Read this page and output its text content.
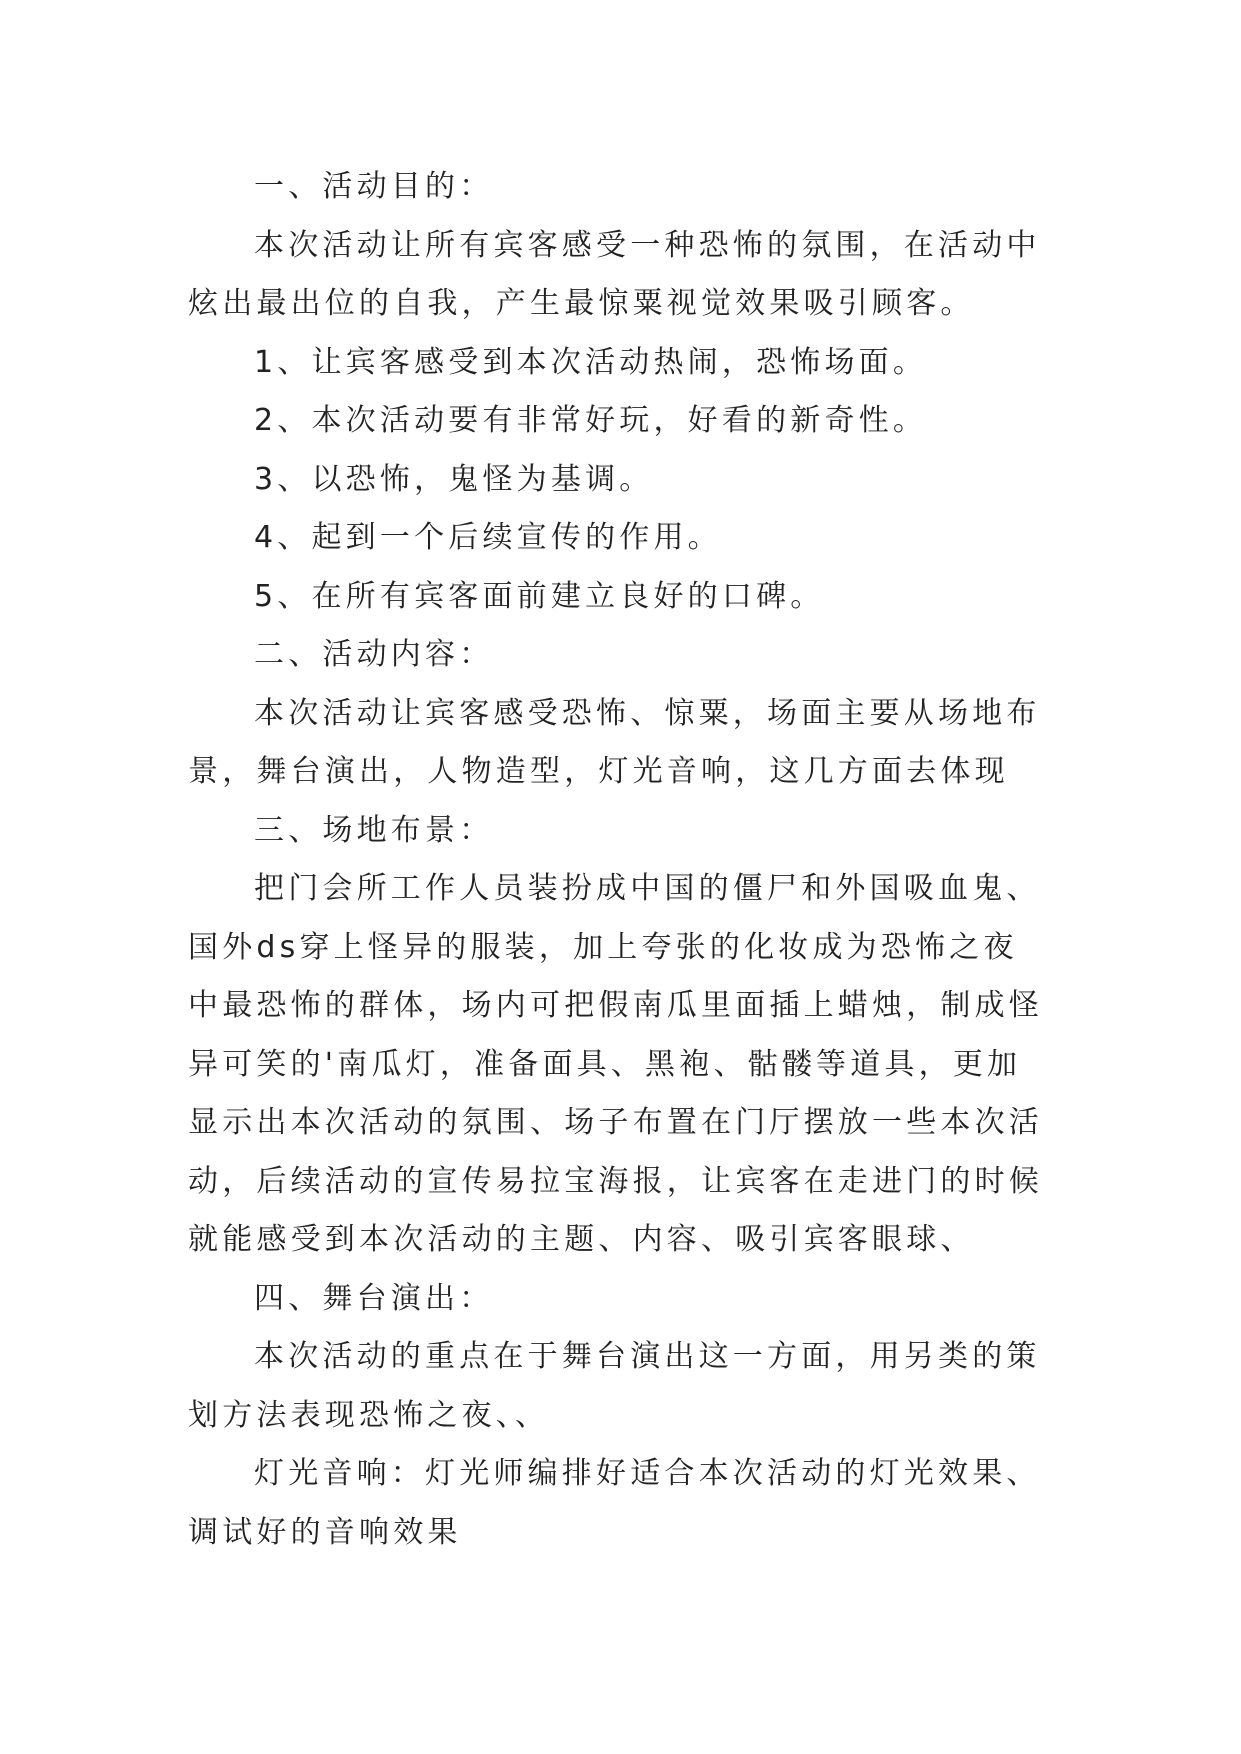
一、活动目的：

本次活动让所有宾客感受一种恐怖的氛围，在活动中炫出最出位的自我，产生最惊粟视觉效果吸引顾客。

1、让宾客感受到本次活动热闹，恐怖场面。

2、本次活动要有非常好玩，好看的新奇性。

3、以恐怖，鬼怪为基调。

4、起到一个后续宣传的作用。

5、在所有宾客面前建立良好的口碑。

二、活动内容：

本次活动让宾客感受恐怖、惊粟，场面主要从场地布景，舞台演出，人物造型，灯光音响，这几方面去体现

三、场地布景：

把门会所工作人员装扮成中国的僵尸和外国吸血鬼、国外ds穿上怪异的服装，加上夸张的化妆成为恐怖之夜中最恐怖的群体，场内可把假南瓜里面插上蜡烛，制成怪异可笑的'南瓜灯，准备面具、黑袍、骷髅等道具，更加显示出本次活动的氛围、场子布置在门厅摆放一些本次活动，后续活动的宣传易拉宝海报，让宾客在走进门的时候就能感受到本次活动的主题、内容、吸引宾客眼球、

四、舞台演出：

本次活动的重点在于舞台演出这一方面，用另类的策划方法表现恐怖之夜、、

灯光音响：灯光师编排好适合本次活动的灯光效果、调试好的音响效果
